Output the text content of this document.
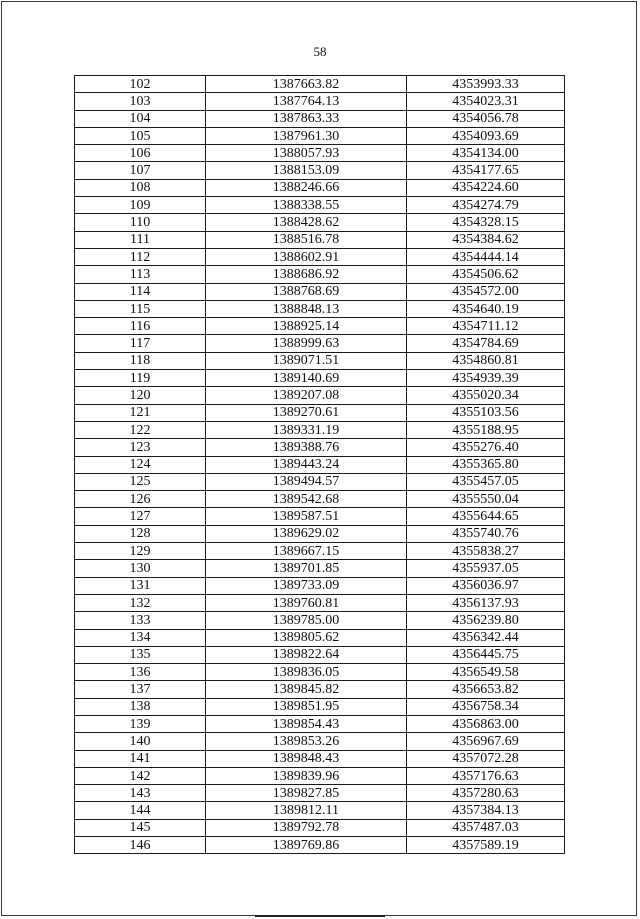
58
102	1387663.82	4353993.33
103	1387764.13	4354023.31
104	1387863.33	4354056.78
105	1387961.30	4354093.69
106	1388057.93	4354134.00
107	1388153.09	4354177.65
108	1388246.66	4354224.60
109	1388338.55	4354274.79
110	1388428.62	4354328.15
111	1388516.78	4354384.62
112	1388602.91	4354444.14
113	1388686.92	4354506.62
114	1388768.69	4354572.00
115	1388848.13	4354640.19
116	1388925.14	4354711.12
117	1388999.63	4354784.69
118	1389071.51	4354860.81
119	1389140.69	4354939.39
120	1389207.08	4355020.34
121	1389270.61	4355103.56
122	1389331.19	4355188.95
123	1389388.76	4355276.40
124	1389443.24	4355365.80
125	1389494.57	4355457.05
126	1389542.68	4355550.04
127	1389587.51	4355644.65
128	1389629.02	4355740.76
129	1389667.15	4355838.27
130	1389701.85	4355937.05
131	1389733.09	4356036.97
132	1389760.81	4356137.93
133	1389785.00	4356239.80
134	1389805.62	4356342.44
135	1389822.64	4356445.75
136	1389836.05	4356549.58
137	1389845.82	4356653.82
138	1389851.95	4356758.34
139	1389854.43	4356863.00
140	1389853.26	4356967.69
141	1389848.43	4357072.28
142	1389839.96	4357176.63
143	1389827.85	4357280.63
144	1389812.11	4357384.13
145	1389792.78	4357487.03
146	1389769.86	4357589.19
